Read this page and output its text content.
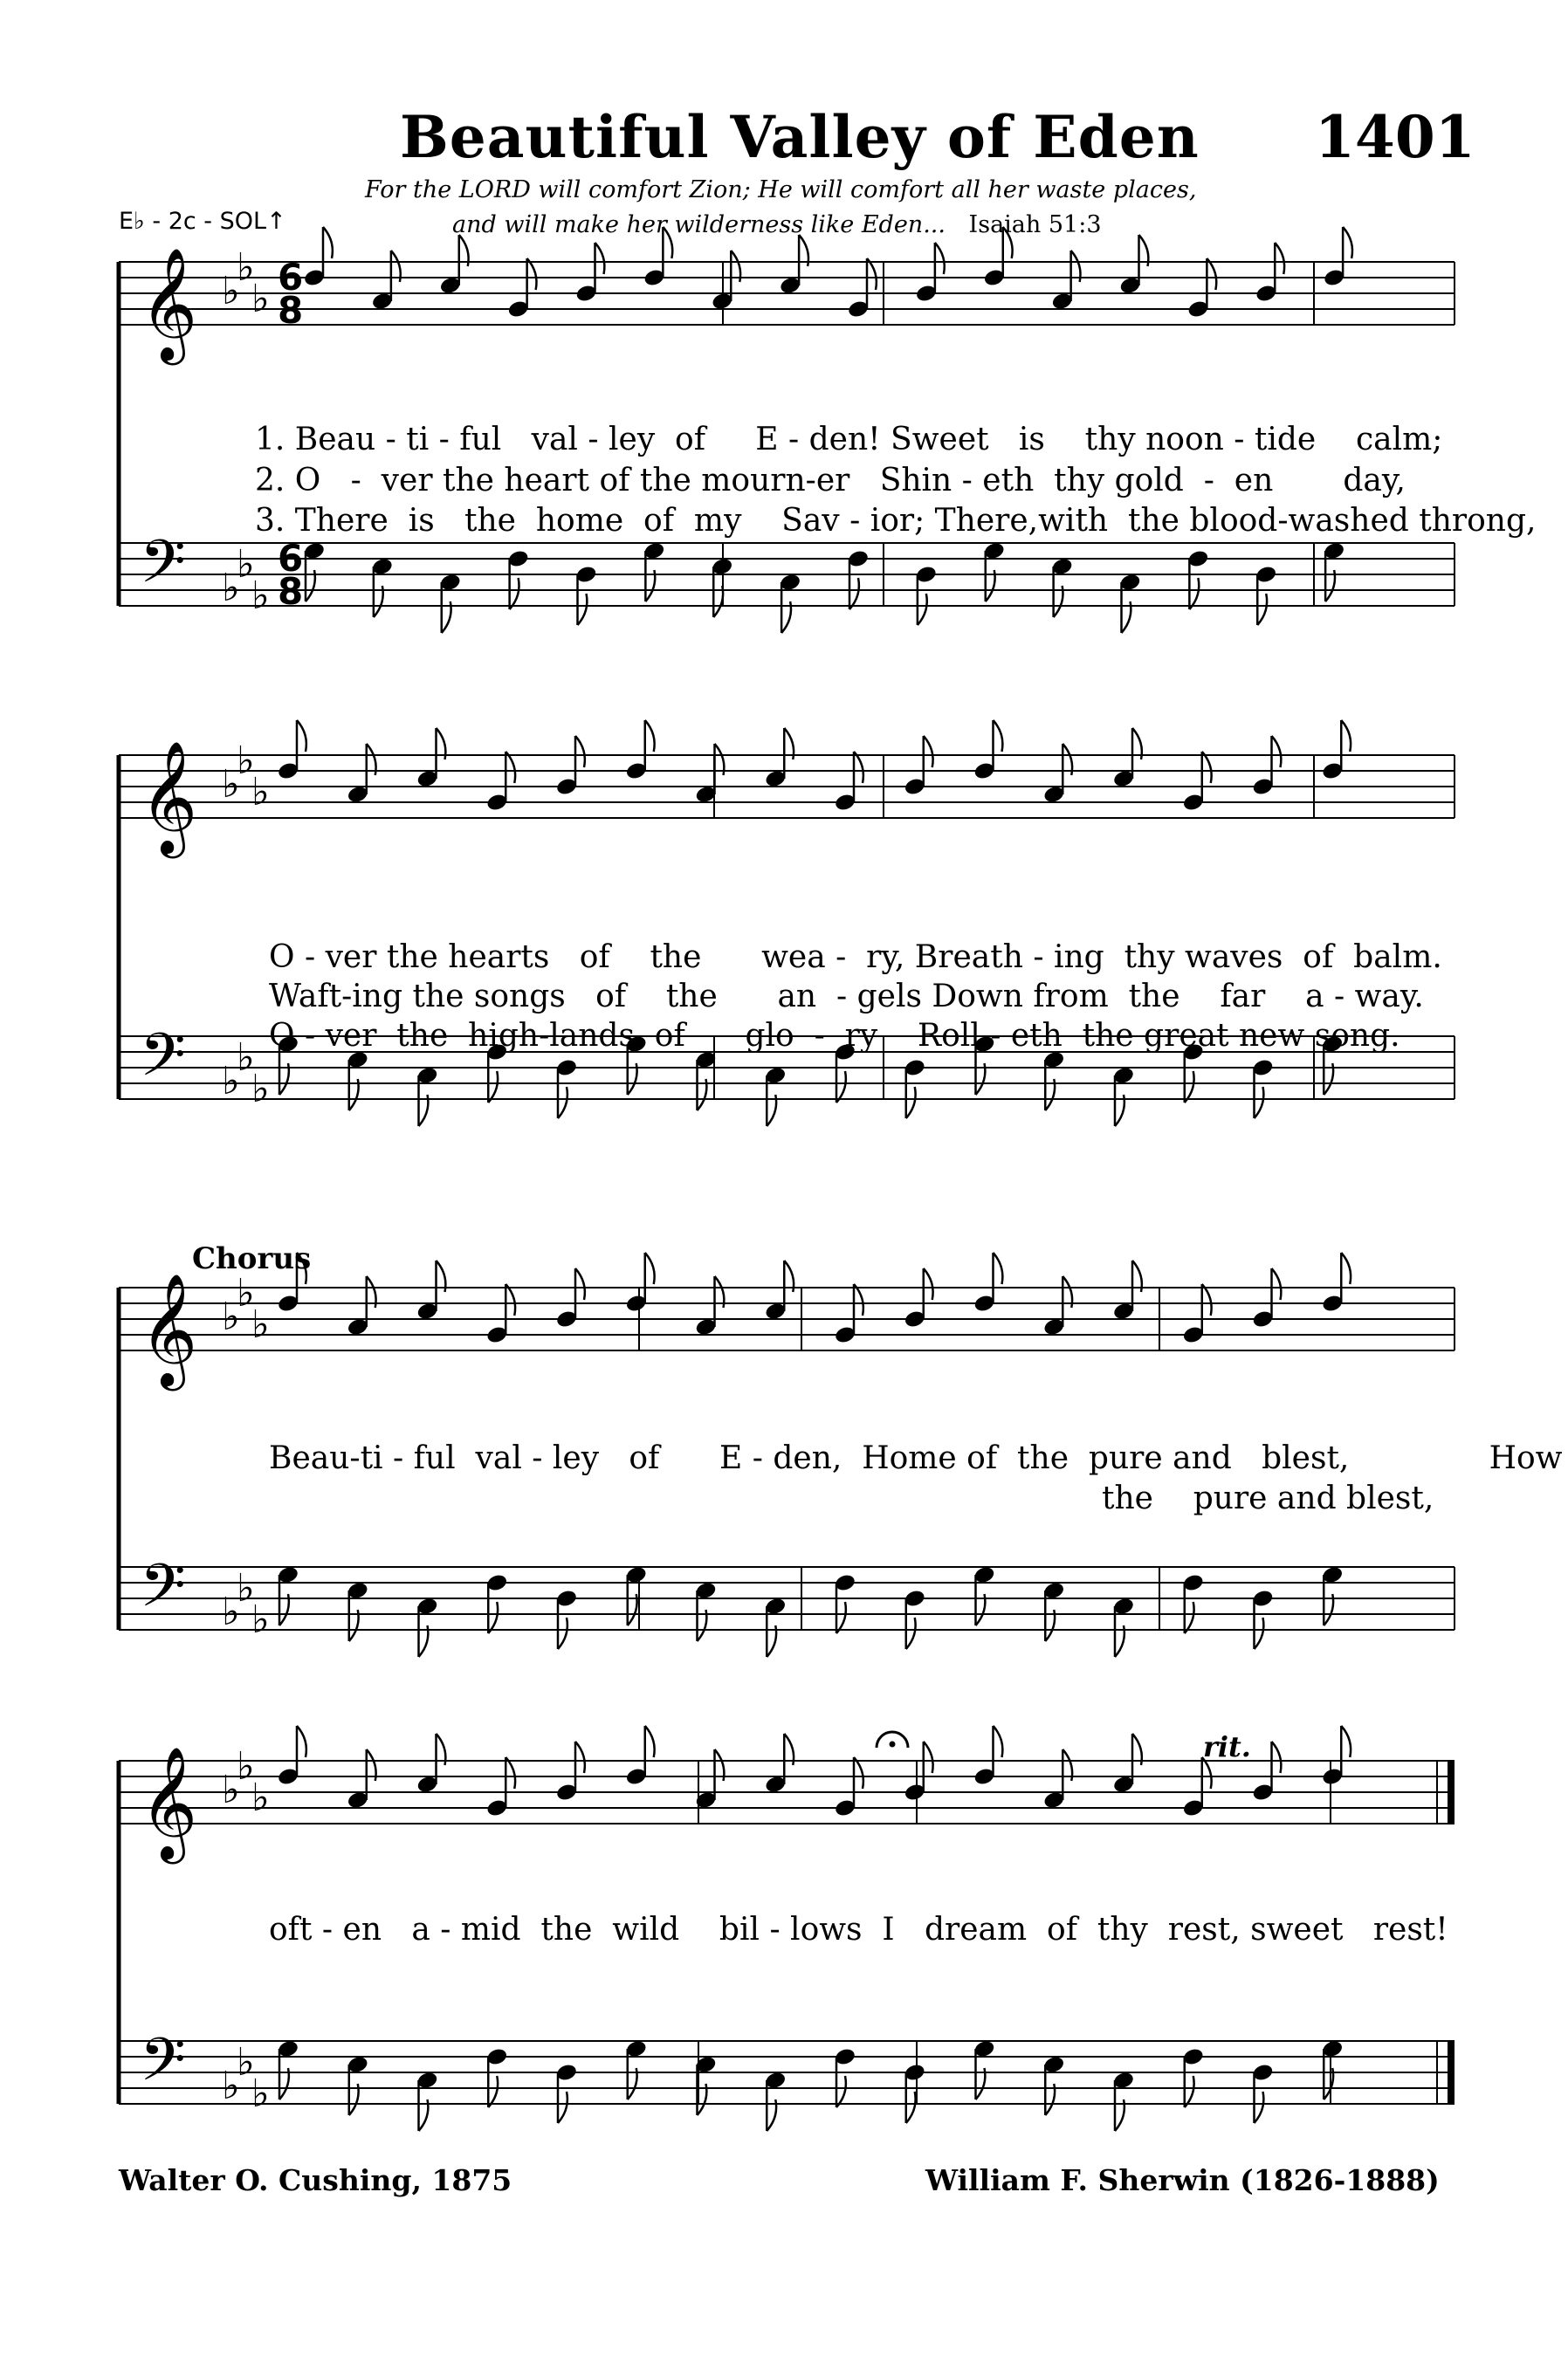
𝄞
𝄢
♭
♭
♭
♭
♭
♭
6
8
6
8
1. Beau - ti - ful   val - ley  of     E - den! Sweet   is    thy noon - tide    calm;
2. O   -  ver the heart of the mourn-er   Shin - eth  thy gold  -  en       day,
3. There  is   the  home  of  my    Sav - ior; There,with  the blood-washed throng,
𝄞
𝄢
♭
♭
♭
♭
♭
♭
O - ver the hearts   of    the      wea -  ry, Breath - ing  thy waves  of  balm.
Waft-ing the songs   of    the      an  - gels Down from  the    far    a - way.
O - ver  the  high-lands  of      glo  -  ry    Roll - eth  the great new song.
𝄞
𝄢
♭
♭
♭
♭
♭
♭
Beau-ti - ful  val - ley   of      E - den,  Home of  the  pure and   blest,              How
the    pure and blest,
𝄞
𝄢
♭
♭
♭
♭
♭
♭
oft - en   a - mid  the  wild    bil - lows  I   dream  of  thy  rest, sweet   rest!
rit.
Beautiful Valley of Eden 1401
For the LORD will comfort Zion; He will comfort all her waste places,
and will make her wilderness like Eden... Isaiah 51:3
E♭ - 2c - SOL↑
Chorus
Walter O. Cushing, 1875	William F. Sherwin (1826-1888)
